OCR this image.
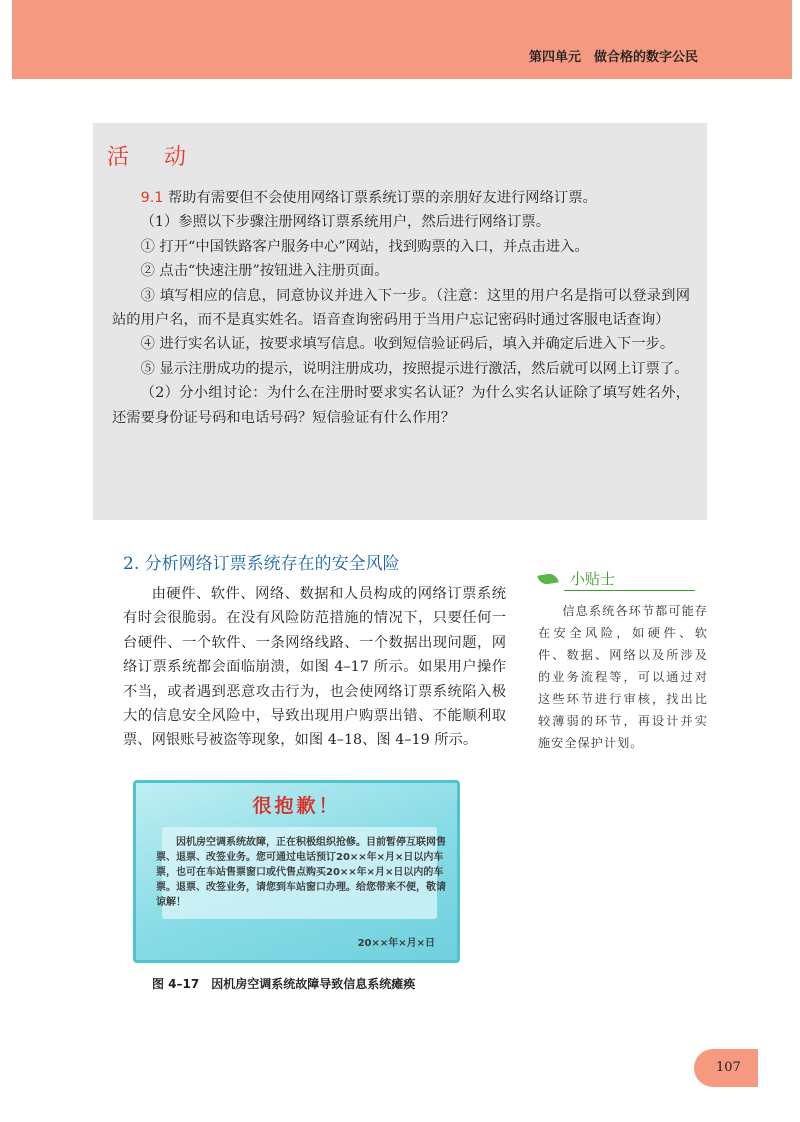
第四单元　做合格的数字公民
活 动

9.1 帮助有需要但不会使用网络订票系统订票的亲朋好友进行网络订票。

（1）参照以下步骤注册网络订票系统用户，然后进行网络订票。

① 打开“中国铁路客户服务中心”网站，找到购票的入口，并点击进入。

② 点击“快速注册”按钮进入注册页面。

③ 填写相应的信息，同意协议并进入下一步。（注意：这里的用户名是指可以登录到网站的用户名，而不是真实姓名。语音查询密码用于当用户忘记密码时通过客服电话查询）

④ 进行实名认证，按要求填写信息。收到短信验证码后，填入并确定后进入下一步。

⑤ 显示注册成功的提示，说明注册成功，按照提示进行激活，然后就可以网上订票了。

（2）分小组讨论：为什么在注册时要求实名认证？为什么实名认证除了填写姓名外，还需要身份证号码和电话号码？短信验证有什么作用？

2. 分析网络订票系统存在的安全风险

由硬件、软件、网络、数据和人员构成的网络订票系统有时会很脆弱。在没有风险防范措施的情况下，只要任何一台硬件、一个软件、一条网络线路、一个数据出现问题，网络订票系统都会面临崩溃，如图 4–17 所示。如果用户操作不当，或者遇到恶意攻击行为，也会使网络订票系统陷入极大的信息安全风险中，导致出现用户购票出错、不能顺利取票、网银账号被盗等现象，如图 4–18、图 4–19 所示。

小贴士

信息系统各环节都可能存在安全风险，如硬件、软件、数据、网络以及所涉及的业务流程等，可以通过对这些环节进行审核，找出比较薄弱的环节，再设计并实施安全保护计划。

很抱歉！

因机房空调系统故障，正在积极组织抢修。目前暂停互联网售票、退票、改签业务。您可通过电话预订20××年×月×日以内车票，也可在车站售票窗口或代售点购买20××年×月×日以内的车票。退票、改签业务，请您到车站窗口办理。给您带来不便，敬请谅解！

20××年×月×日
图 4–17　因机房空调系统故障导致信息系统瘫痪
107
